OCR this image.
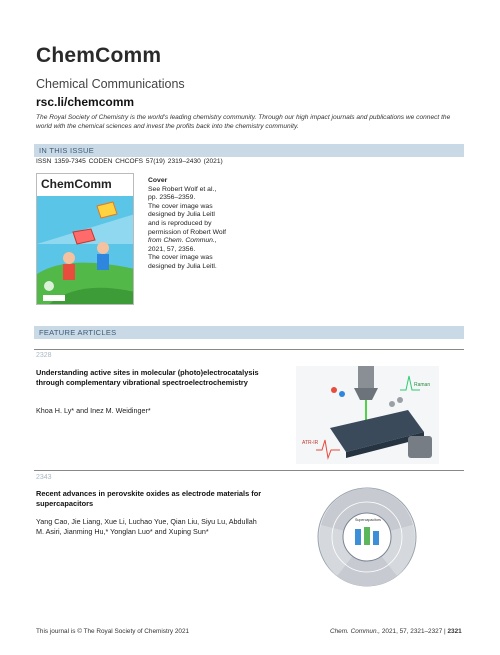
ChemComm
Chemical Communications
rsc.li/chemcomm
The Royal Society of Chemistry is the world’s leading chemistry community. Through our high impact journals and publications we connect the world with the chemical sciences and invest the profits back into the chemistry community.
IN THIS ISSUE
ISSN 1359-7345 CODEN CHCOFS 57(19) 2319–2430 (2021)
ChemComm	Cover
See Robert Wolf et al.,
pp. 2356–2359.
The cover image was
designed by Julia Leitl
and is reproduced by
permission of Robert Wolf
from Chem. Commun.,
2021, 57, 2356.
The cover image was
designed by Julia Leitl.
FEATURE ARTICLES
2328
Understanding active sites in molecular (photo)electrocatalysis through complementary vibrational spectroelectrochemistry
Khoa H. Ly* and Inez M. Weidinger*
Raman
ATR-IR
2343
Recent advances in perovskite oxides as electrode materials for supercapacitors
Yang Cao, Jie Liang, Xue Li, Luchao Yue, Qian Liu, Siyu Lu, Abdullah M. Asiri, Jianming Hu,* Yonglan Luo* and Xuping Sun*
Supercapacitors
This journal is © The Royal Society of Chemistry 2021	Chem. Commun., 2021, 57, 2321–2327 | 2321
